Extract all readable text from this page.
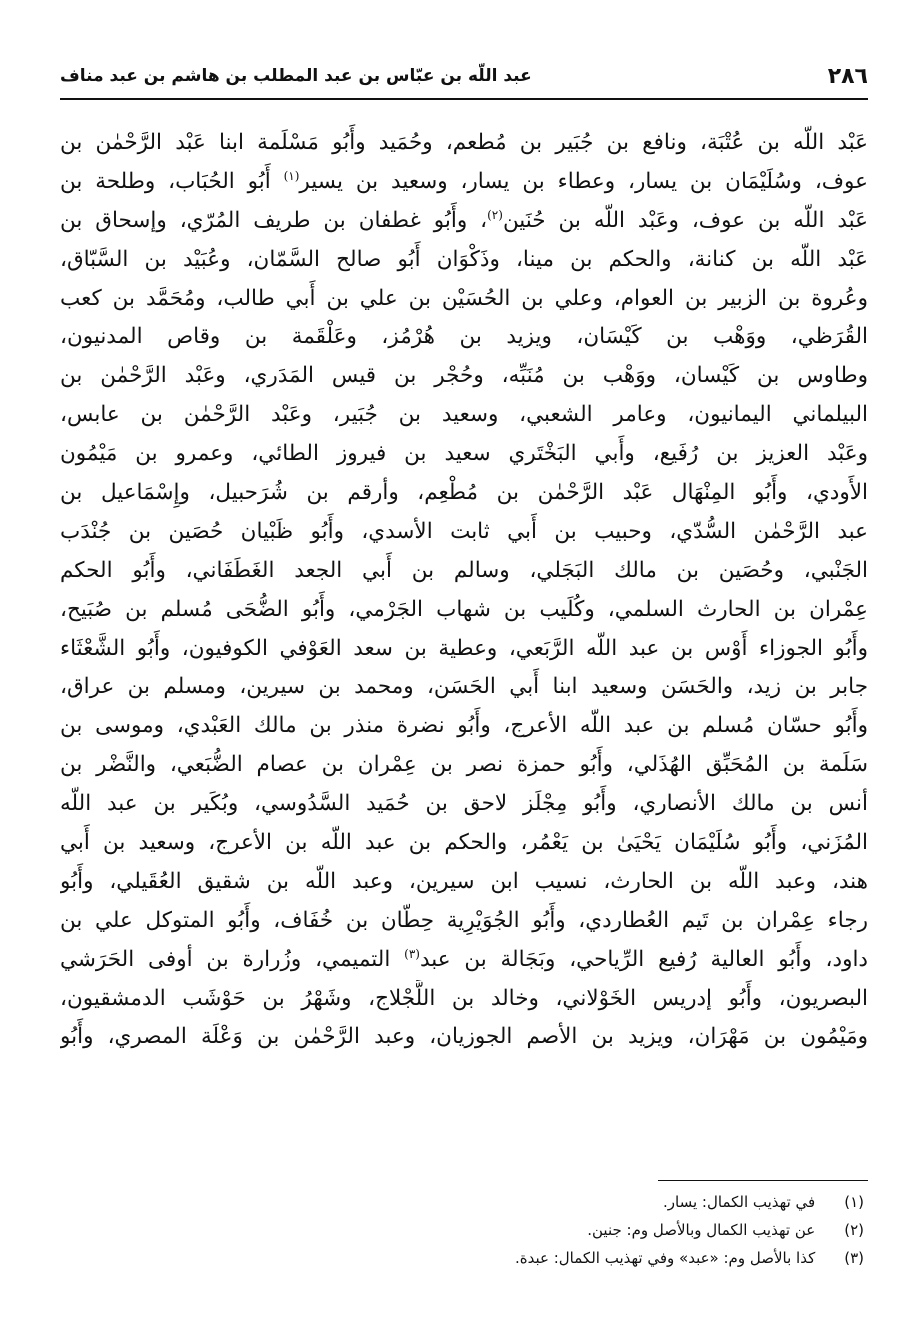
٢٨٦
عبد اللّه بن عبّاس بن عبد المطلب بن هاشم بن عبد مناف
عَبْد اللّه بن عُتْبَة، ونافع بن جُبَير بن مُطعم، وحُمَيد وأَبُو مَسْلَمة ابنا عَبْد الرَّحْمٰن بن
عوف، وسُلَيْمَان بن يسار، وعطاء بن يسار، وسعيد بن يسير$^{(١)}$ أَبُو الحُبَاب، وطلحة بن
عَبْد اللّه بن عوف، وعَبْد اللّه بن حُنَين$^{(٢)}$، وأَبُو غطفان بن طريف المُرّي، وإسحاق بن
عَبْد اللّه بن كنانة، والحكم بن مينا، وذَكْوَان أَبُو صالح السَّمّان، وعُبَيْد بن السَّبّاق،
وعُروة بن الزبير بن العوام، وعلي بن الحُسَيْن بن علي بن أَبي طالب، ومُحَمَّد بن كعب
القُرَظي، ووَهْب بن كَيْسَان، ويزيد بن هُرْمُز، وعَلْقَمة بن وقاص المدنيون،
وطاوس بن كَيْسان، ووَهْب بن مُنَبِّه، وحُجْر بن قيس المَدَري، وعَبْد الرَّحْمٰن بن
البيلماني اليمانيون، وعامر الشعبي، وسعيد بن جُبَير، وعَبْد الرَّحْمٰن بن عابس،
وعَبْد العزيز بن رُفَيع، وأَبي البَخْتَري سعيد بن فيروز الطائي، وعمرو بن مَيْمُون
الأَودي، وأَبُو المِنْهَال عَبْد الرَّحْمٰن بن مُطْعِم، وأرقم بن شُرَحبيل، وإِسْمَاعيل بن
عبد الرَّحْمٰن السُّدّي، وحبيب بن أَبي ثابت الأسدي، وأَبُو ظَبْيان حُصَين بن جُنْدَب
الجَنْبي، وحُصَين بن مالك البَجَلي، وسالم بن أَبي الجعد الغَطَفَاني، وأَبُو الحكم
عِمْران بن الحارث السلمي، وكُلَيب بن شهاب الجَرْمي، وأَبُو الضُّحَى مُسلم بن صُبَيح،
وأَبُو الجوزاء أَوْس بن عبد اللّه الرَّبَعي، وعطية بن سعد العَوْفي الكوفيون، وأَبُو الشَّعْثَاء
جابر بن زيد، والحَسَن وسعيد ابنا أَبي الحَسَن، ومحمد بن سيرين، ومسلم بن عراق،
وأَبُو حسّان مُسلم بن عبد اللّه الأعرج، وأَبُو نضرة منذر بن مالك العَبْدي، وموسى بن
سَلَمة بن المُحَبِّق الهُذَلي، وأَبُو حمزة نصر بن عِمْران بن عصام الضُّبَعي، والنَّضْر بن
أنس بن مالك الأنصاري، وأَبُو مِجْلَز لاحق بن حُمَيد السَّدُوسي، وبُكَير بن عبد اللّه
المُزَني، وأَبُو سُلَيْمَان يَحْيَىٰ بن يَعْمُر، والحكم بن عبد اللّه بن الأعرج، وسعيد بن أَبي
هند، وعبد اللّه بن الحارث، نسيب ابن سيرين، وعبد اللّه بن شقيق العُقَيلي، وأَبُو
رجاء عِمْران بن تَيم العُطاردي، وأَبُو الجُوَيْرِية حِطّان بن خُفَاف، وأَبُو المتوكل علي بن
داود، وأَبُو العالية رُفيع الرِّياحي، وبَجَالة بن عبد$^{(٣)}$ التميمي، وزُرارة بن أوفى الحَرَشي
البصريون، وأَبُو إدريس الخَوْلاني، وخالد بن اللَّجْلاج، وشَهْرُ بن حَوْشَب الدمشقيون،
ومَيْمُون بن مَهْرَان، ويزيد بن الأصم الجوزيان، وعبد الرَّحْمٰن بن وَعْلَة المصري، وأَبُو
(١) في تهذيب الكمال: يسار.
(٢) عن تهذيب الكمال وبالأصل وم: جنين.
(٣) كذا بالأصل وم: «عبد» وفي تهذيب الكمال: عبدة.
